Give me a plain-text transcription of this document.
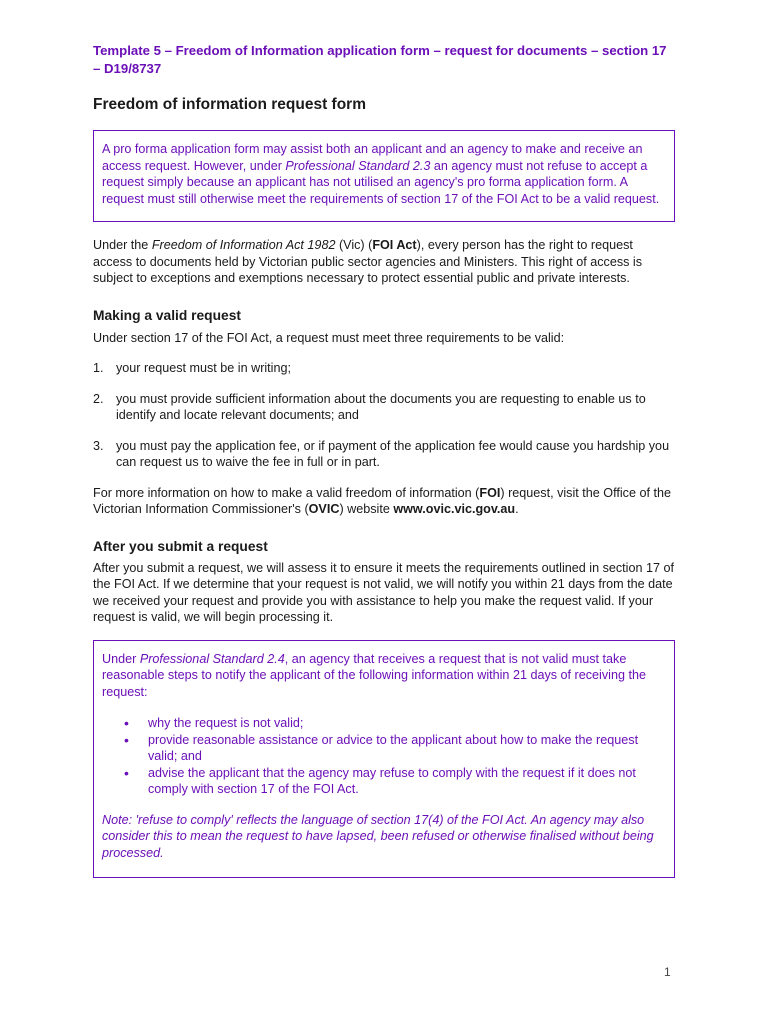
Template 5 – Freedom of Information application form – request for documents – section 17 – D19/8737

Freedom of information request form

A pro forma application form may assist both an applicant and an agency to make and receive an access request. However, under Professional Standard 2.3 an agency must not refuse to accept a request simply because an applicant has not utilised an agency's pro forma application form. A request must still otherwise meet the requirements of section 17 of the FOI Act to be a valid request.

Under the Freedom of Information Act 1982 (Vic) (FOI Act), every person has the right to request access to documents held by Victorian public sector agencies and Ministers. This right of access is subject to exceptions and exemptions necessary to protect essential public and private interests.

Making a valid request

Under section 17 of the FOI Act, a request must meet three requirements to be valid:

1. your request must be in writing;
2. you must provide sufficient information about the documents you are requesting to enable us to identify and locate relevant documents; and
3. you must pay the application fee, or if payment of the application fee would cause you hardship you can request us to waive the fee in full or in part.

For more information on how to make a valid freedom of information (FOI) request, visit the Office of the Victorian Information Commissioner's (OVIC) website www.ovic.vic.gov.au.

After you submit a request

After you submit a request, we will assess it to ensure it meets the requirements outlined in section 17 of the FOI Act. If we determine that your request is not valid, we will notify you within 21 days from the date we received your request and provide you with assistance to help you make the request valid. If your request is valid, we will begin processing it.

Under Professional Standard 2.4, an agency that receives a request that is not valid must take reasonable steps to notify the applicant of the following information within 21 days of receiving the request:

•	why the request is not valid;
•	provide reasonable assistance or advice to the applicant about how to make the request valid; and
•	advise the applicant that the agency may refuse to comply with the request if it does not comply with section 17 of the FOI Act.

Note: 'refuse to comply' reflects the language of section 17(4) of the FOI Act. An agency may also consider this to mean the request to have lapsed, been refused or otherwise finalised without being processed.

1
